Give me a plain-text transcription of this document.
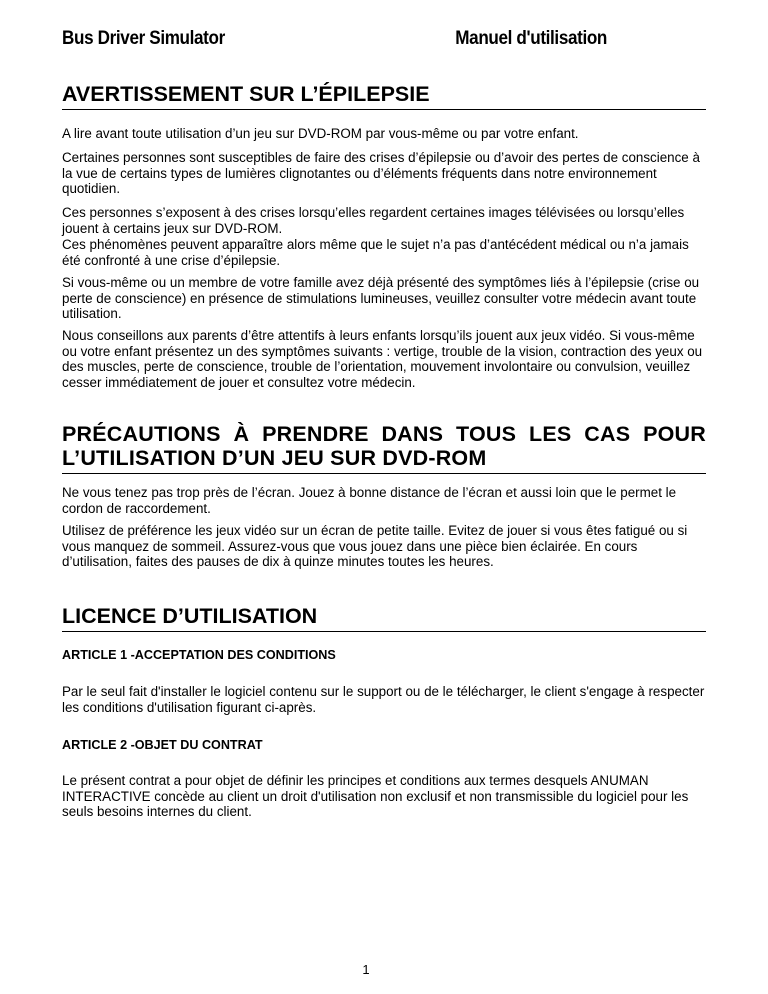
Bus Driver Simulator	Manuel d'utilisation
AVERTISSEMENT SUR L’ÉPILEPSIE

A lire avant toute utilisation d’un jeu sur DVD-ROM par vous-même ou par votre enfant.

Certaines personnes sont susceptibles de faire des crises d’épilepsie ou d’avoir des pertes de conscience à la vue de certains types de lumières clignotantes ou d’éléments fréquents dans notre environnement quotidien.

Ces personnes s’exposent à des crises lorsqu’elles regardent certaines images télévisées ou lorsqu’elles jouent à certains jeux sur DVD-ROM.

Ces phénomènes peuvent apparaître alors même que le sujet n’a pas d’antécédent médical ou n’a jamais été confronté à une crise d’épilepsie.

Si vous-même ou un membre de votre famille avez déjà présenté des symptômes liés à l’épilepsie (crise ou perte de conscience) en présence de stimulations lumineuses, veuillez consulter votre médecin avant toute utilisation.

Nous conseillons aux parents d’être attentifs à leurs enfants lorsqu’ils jouent aux jeux vidéo. Si vous-même ou votre enfant présentez un des symptômes suivants : vertige, trouble de la vision, contraction des yeux ou des muscles, perte de conscience, trouble de l’orientation, mouvement involontaire ou convulsion, veuillez cesser immédiatement de jouer et consultez votre médecin.

PRÉCAUTIONS À PRENDRE DANS TOUS LES CAS POUR L’UTILISATION D’UN JEU SUR DVD-ROM

Ne vous tenez pas trop près de l’écran. Jouez à bonne distance de l’écran et aussi loin que le permet le cordon de raccordement.

Utilisez de préférence les jeux vidéo sur un écran de petite taille. Evitez de jouer si vous êtes fatigué ou si vous manquez de sommeil. Assurez-vous que vous jouez dans une pièce bien éclairée. En cours d’utilisation, faites des pauses de dix à quinze minutes toutes les heures.

LICENCE D’UTILISATION

ARTICLE 1 -ACCEPTATION DES CONDITIONS

Par le seul fait d'installer le logiciel contenu sur le support ou de le télécharger, le client s'engage à respecter les conditions d'utilisation figurant ci-après.

ARTICLE 2 -OBJET DU CONTRAT

Le présent contrat a pour objet de définir les principes et conditions aux termes desquels ANUMAN INTERACTIVE concède au client un droit d'utilisation non exclusif et non transmissible du logiciel pour les seuls besoins internes du client.

1
